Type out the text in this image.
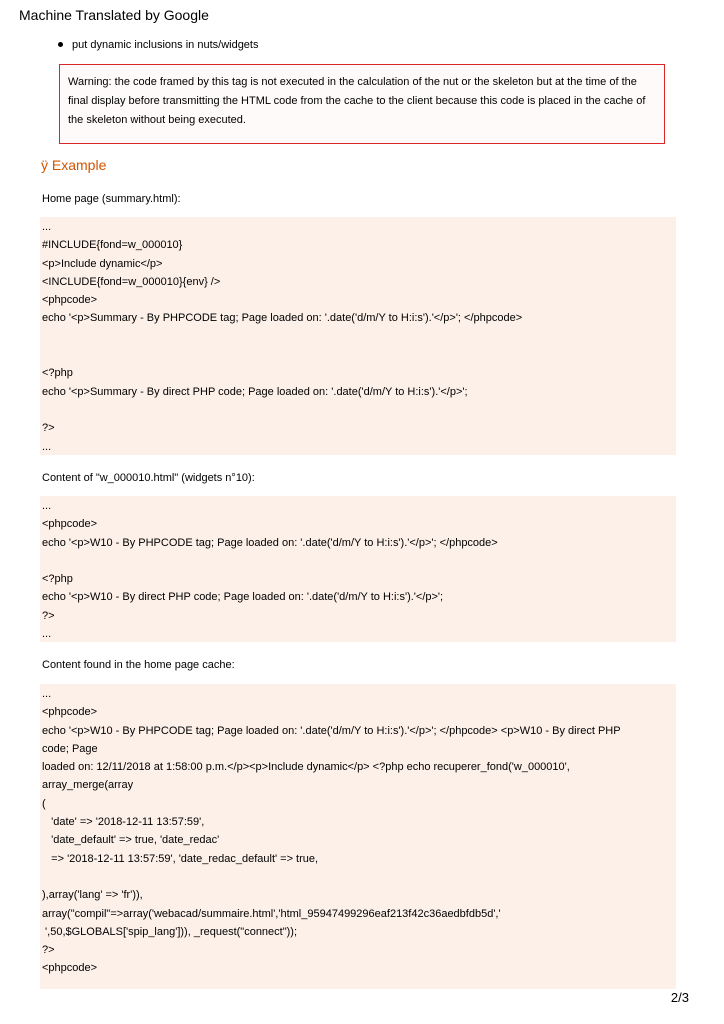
Machine Translated by Google
put dynamic inclusions in nuts/widgets
Warning: the code framed by this tag is not executed in the calculation of the nut or the skeleton but at the time of the final display before transmitting the HTML code from the cache to the client because this code is placed in the cache of the skeleton without being executed.
ÿ Example
Home page (summary.html):
...
#INCLUDE{fond=w_000010}
<p>Include dynamic</p>
<INCLUDE{fond=w_000010}{env} />
<phpcode>
echo '<p>Summary - By PHPCODE tag; Page loaded on: '.date('d/m/Y to H:i:s').'</p>'; </phpcode>
<?php
echo '<p>Summary - By direct PHP code; Page loaded on: '.date('d/m/Y to H:i:s').'</p>';
?>
...
Content of "w_000010.html" (widgets n°10):
...
<phpcode>
echo '<p>W10 - By PHPCODE tag; Page loaded on: '.date('d/m/Y to H:i:s').'</p>'; </phpcode>
<?php
echo '<p>W10 - By direct PHP code; Page loaded on: '.date('d/m/Y to H:i:s').'</p>';
?>
...
Content found in the home page cache:
...
<phpcode>
echo '<p>W10 - By PHPCODE tag; Page loaded on: '.date('d/m/Y to H:i:s').'</p>'; </phpcode> <p>W10 - By direct PHP
code; Page
loaded on: 12/11/2018 at 1:58:00 p.m.</p><p>Include dynamic</p> <?php echo recuperer_fond('w_000010',
array_merge(array
(
'date' => '2018-12-11 13:57:59',
'date_default' => true, 'date_redac'
=> '2018-12-11 13:57:59', 'date_redac_default' => true,
),array('lang' => 'fr')),
array("compil"=>array('webacad/summaire.html','html_95947499296eaf213f42c36aedbfdb5d','
',50,$GLOBALS['spip_lang'])), _request("connect"));
?>
<phpcode>
2/3
